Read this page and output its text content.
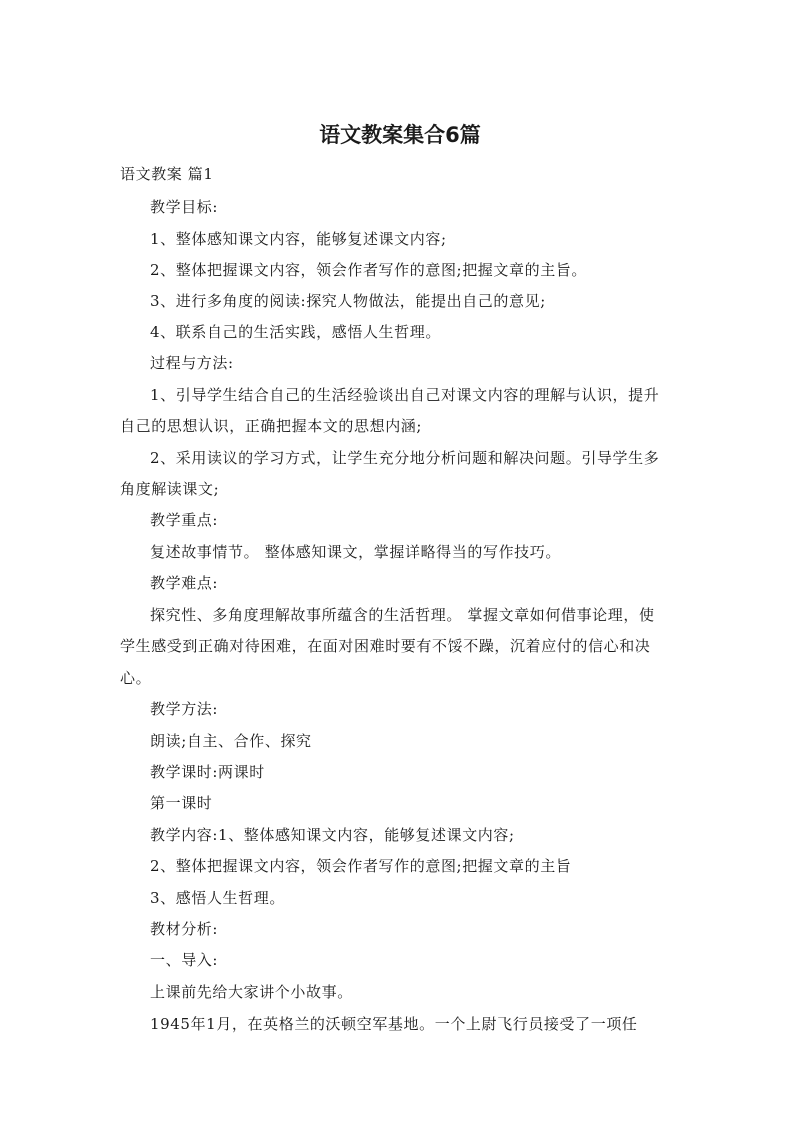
语文教案集合6篇

语文教案 篇1

教学目标:

1、整体感知课文内容，能够复述课文内容;

2、整体把握课文内容，领会作者写作的意图;把握文章的主旨。

3、进行多角度的阅读:探究人物做法，能提出自己的意见;

4、联系自己的生活实践，感悟人生哲理。

过程与方法:

1、引导学生结合自己的生活经验谈出自己对课文内容的理解与认识，提升

自己的思想认识，正确把握本文的思想内涵;

2、采用读议的学习方式，让学生充分地分析问题和解决问题。引导学生多

角度解读课文;

教学重点:

复述故事情节。 整体感知课文，掌握详略得当的写作技巧。

教学难点:

探究性、多角度理解故事所蕴含的生活哲理。 掌握文章如何借事论理，使

学生感受到正确对待困难，在面对困难时要有不馁不躁，沉着应付的信心和决

心。

教学方法:

朗读;自主、合作、探究

教学课时:两课时

第一课时

教学内容:1、整体感知课文内容，能够复述课文内容;

2、整体把握课文内容，领会作者写作的意图;把握文章的主旨

3、感悟人生哲理。

教材分析:

一、导入:

上课前先给大家讲个小故事。

1945年1月，在英格兰的沃顿空军基地。一个上尉飞行员接受了一项任
